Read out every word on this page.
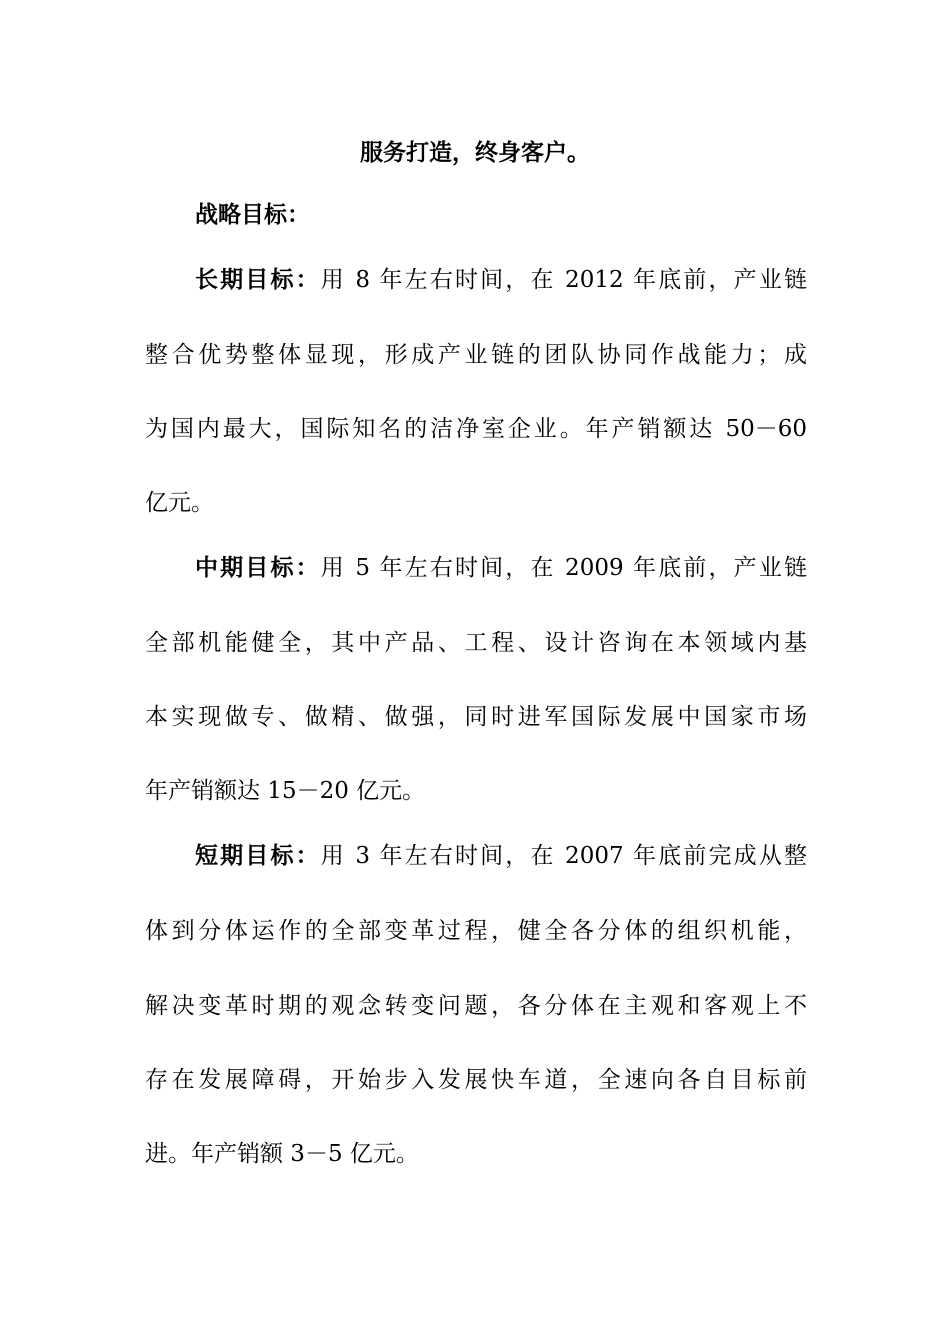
服务打造，终身客户。
战略目标：
长期目标：用 8 年左右时间，在 2012 年底前，产业链
整合优势整体显现，形成产业链的团队协同作战能力；成
为国内最大，国际知名的洁净室企业。年产销额达 50－60
亿元。
中期目标：用 5 年左右时间，在 2009 年底前，产业链
全部机能健全，其中产品、工程、设计咨询在本领域内基
本实现做专、做精、做强，同时进军国际发展中国家市场
年产销额达 15－20 亿元。
短期目标：用 3 年左右时间，在 2007 年底前完成从整
体到分体运作的全部变革过程，健全各分体的组织机能，
解决变革时期的观念转变问题，各分体在主观和客观上不
存在发展障碍，开始步入发展快车道，全速向各自目标前
进。年产销额 3－5 亿元。
